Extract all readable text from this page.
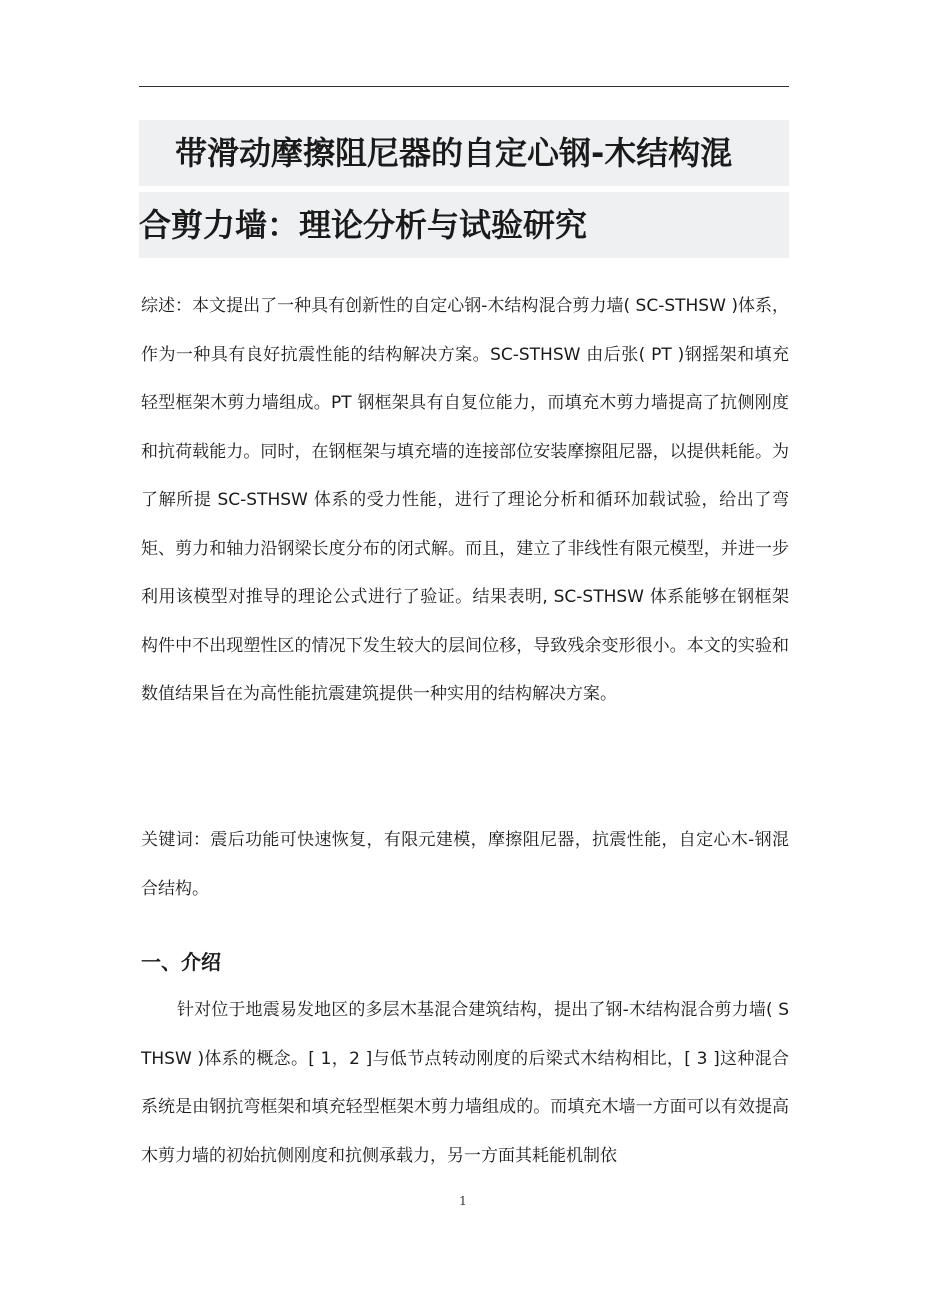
带滑动摩擦阻尼器的自定心钢-木结构混
合剪力墙：理论分析与试验研究

综述：本文提出了一种具有创新性的自定心钢-木结构混合剪力墙( SC-STHSW )体系，作为一种具有良好抗震性能的结构解决方案。SC-STHSW 由后张( PT )钢摇架和填充轻型框架木剪力墙组成。PT 钢框架具有自复位能力，而填充木剪力墙提高了抗侧刚度和抗荷载能力。同时，在钢框架与填充墙的连接部位安装摩擦阻尼器，以提供耗能。为了解所提 SC-STHSW 体系的受力性能，进行了理论分析和循环加载试验，给出了弯矩、剪力和轴力沿钢梁长度分布的闭式解。而且，建立了非线性有限元模型，并进一步利用该模型对推导的理论公式进行了验证。结果表明, SC-STHSW 体系能够在钢框架构件中不出现塑性区的情况下发生较大的层间位移，导致残余变形很小。本文的实验和数值结果旨在为高性能抗震建筑提供一种实用的结构解决方案。

关键词：震后功能可快速恢复，有限元建模，摩擦阻尼器，抗震性能，自定心木-钢混合结构。

一、介绍

针对位于地震易发地区的多层木基混合建筑结构，提出了钢-木结构混合剪力墙( STHSW )体系的概念。[ 1，2 ]与低节点转动刚度的后梁式木结构相比，[ 3 ]这种混合系统是由钢抗弯框架和填充轻型框架木剪力墙组成的。而填充木墙一方面可以有效提高木剪力墙的初始抗侧刚度和抗侧承载力，另一方面其耗能机制依

1
